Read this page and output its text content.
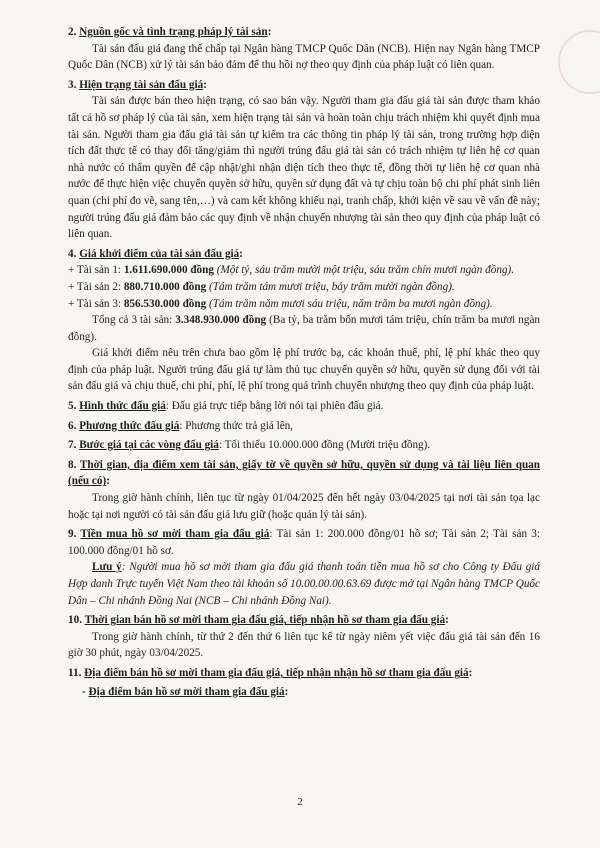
2. Nguồn gốc và tình trạng pháp lý tài sản:

Tài sản đấu giá đang thế chấp tại Ngân hàng TMCP Quốc Dân (NCB). Hiện nay Ngân hàng TMCP Quốc Dân (NCB) xử lý tài sản bảo đảm để thu hồi nợ theo quy định của pháp luật có liên quan.

3. Hiện trạng tài sản đấu giá:

Tài sản được bán theo hiện trạng, có sao bán vậy. Người tham gia đấu giá tài sản được tham khảo tất cả hồ sơ pháp lý của tài sản, xem hiện trạng tài sản và hoàn toàn chịu trách nhiệm khi quyết định mua tài sản. Người tham gia đấu giá tài sản tự kiểm tra các thông tin pháp lý tài sản, trong trường hợp diện tích đất thực tế có thay đổi tăng/giảm thì người trúng đấu giá tài sản có trách nhiệm tự liên hệ cơ quan nhà nước có thẩm quyền để cập nhật/ghi nhận diện tích theo thực tế, đồng thời tự liên hệ cơ quan nhà nước để thực hiện việc chuyển quyền sở hữu, quyền sử dụng đất và tự chịu toàn bộ chi phí phát sinh liên quan (chi phí đo vẽ, sang tên,…) và cam kết không khiếu nại, tranh chấp, khởi kiện về sau về vấn đề này; người trúng đấu giá đảm bảo các quy định về nhận chuyển nhượng tài sản theo quy định của pháp luật có liên quan.

4. Giá khởi điểm của tài sản đấu giá:

+ Tài sản 1: 1.611.690.000 đồng (Một tỷ, sáu trăm mười một triệu, sáu trăm chín mươi ngàn đồng).

+ Tài sản 2: 880.710.000 đồng (Tám trăm tám mươi triệu, bảy trăm mười ngàn đồng).

+ Tài sản 3: 856.530.000 đồng (Tám trăm năm mươi sáu triệu, năm trăm ba mươi ngàn đồng).

Tổng cả 3 tài sản: 3.348.930.000 đồng (Ba tỷ, ba trăm bốn mươi tám triệu, chín trăm ba mươi ngàn đồng).

Giá khởi điểm nêu trên chưa bao gồm lệ phí trước bạ, các khoản thuế, phí, lệ phí khác theo quy định của pháp luật. Người trúng đấu giá tự làm thủ tục chuyển quyền sở hữu, quyền sử dụng đối với tài sản đấu giá và chịu thuế, chi phí, phí, lệ phí trong quá trình chuyển nhượng theo quy định của pháp luật.

5. Hình thức đấu giá: Đấu giá trực tiếp bằng lời nói tại phiên đấu giá.

6. Phương thức đấu giá: Phương thức trả giá lên,

7. Bước giá tại các vòng đấu giá: Tối thiểu 10.000.000 đồng (Mười triệu đồng).

8. Thời gian, địa điểm xem tài sản, giấy tờ về quyền sở hữu, quyền sử dụng và tài liệu liên quan (nếu có):

Trong giờ hành chính, liên tục từ ngày 01/04/2025 đến hết ngày 03/04/2025 tại nơi tài sản tọa lạc hoặc tại nơi người có tài sản đấu giá lưu giữ (hoặc quản lý tài sản).

9. Tiền mua hồ sơ mời tham gia đấu giá: Tài sản 1: 200.000 đồng/01 hồ sơ; Tài sản 2; Tài sản 3: 100.000 đồng/01 hồ sơ.

Lưu ý: Người mua hồ sơ mời tham gia đấu giá thanh toán tiền mua hồ sơ cho Công ty Đấu giá Hợp danh Trực tuyến Việt Nam theo tài khoản số 10.00.00.00.63.69 được mở tại Ngân hàng TMCP Quốc Dân – Chi nhánh Đồng Nai (NCB – Chi nhánh Đồng Nai).

10. Thời gian bán hồ sơ mời tham gia đấu giá, tiếp nhận hồ sơ tham gia đấu giá:

Trong giờ hành chính, từ thứ 2 đến thứ 6 liên tục kể từ ngày niêm yết việc đấu giá tài sản đến 16 giờ 30 phút, ngày 03/04/2025.

11. Địa điểm bán hồ sơ mời tham gia đấu giá, tiếp nhận nhận hồ sơ tham gia đấu giá:

- Địa điểm bán hồ sơ mời tham gia đấu giá:

2
